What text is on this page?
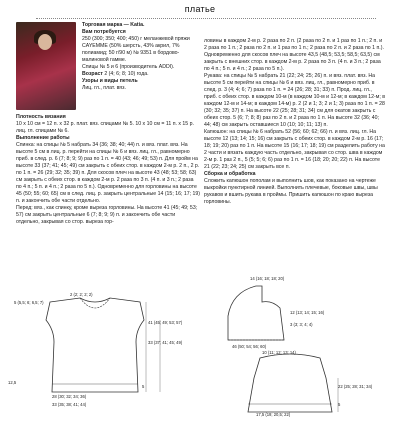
платье

Торговая марка — Katia.

Вам потребуется

250 (300; 350; 400; 450) г меланжевой пряжи CAYEMME (50% шерсть, 43% акрил, 7% полиамид; 50 г/90 м) № 9351 в бордово-малиновой гамме.

Спицы № 5 и 6 (производитель ADDI).

Возраст 2 (4; 6; 8; 10) года.

Узоры и виды петель

Лиц. гл., плат. вяз.

Плотность вязания

10 х 10 см = 12 п. х 32 р. плат. вяз. спицами № 5. 10 х 10 см = 11 п. х 15 р. лиц. гл. спицами № 6.

Выполнение работы

Спинка: на спицы № 5 набрать 34 (36; 38; 40; 44) п. и вяз. плат. вяз. На высоте 5 см в лиц. р. перейти на спицы № 6 и вяз. лиц. гл., равномерно приб. в след. р. 6 (7; 8; 9; 9) раз по 1 п. = 40 (43; 46; 49; 53) п. Для пройм на высоте 33 (37; 41; 45; 49) см закрыть с обеих стор. в каждом 2-м р. 2 п., 2 р. по 1 п. = 26 (29; 32; 35; 39) п. Для скосов плеч на высоте 43 (48; 53; 58; 63) см закрыть с обеих стор. в каждом 2-м р. 2 раза по 3 п. (4 п. и 3 п.; 2 раза по 4 п.; 5 п. и 4 п.; 2 раза по 5 п.). Одновременно для горловины на высоте 45 (50; 55; 60; 65) см в след. лиц. р. закрыть центральные 14 (15; 16; 17; 19) п. и закончить обе части отдельно.

Перед: вяз., как спинку, кроме выреза горловины. На высоте 41 (45; 49; 53; 57) см закрыть центральные 6 (7; 8; 9; 9) п. и закончить обе части отдельно, закрывая со стор. выреза гор-

ловины в каждом 2-м р. 2 раза по 2 п. (2 раза по 2 п. и 1 раз по 1 п.; 2 п. и 2 раза по 1 п.; 2 раза по 2 п. и 1 раз по 1 п.; 2 раза по 2 п. и 2 раза по 1 п.). Одновременно для скосов плеч на высоте 43,5 (48,5; 53,5; 58,5; 63,5) см закрыть с внешних стор. в каждом 2-м р. 2 раза по 3 п. (4 п. и 3 п.; 2 раза по 4 п.; 5 п. и 4 п.; 2 раза по 5 п.).

Рукава: на спицы № 5 набрать 21 (22; 24; 25; 26) п. и вяз. плат. вяз. На высоте 5 см перейти на спицы № 6 и вяз. лиц. гл., равномерно приб. в след. р. 3 (4; 4; 6; 7) раза по 1 п. = 24 (26; 28; 31; 33) п. Прод. лиц. гл., приб. с обеих стор. в каждом 10-м (в каждом 10-м и 12-м; в каждом 12-м; в каждом 12-м и 14-м; в каждом 14-м) р. 2 (2 и 1; 3; 2 и 1; 3) раза по 1 п. = 28 (30; 32; 35; 37) п. На высоте 22 (25; 28; 31; 34) см для окатов закрыть с обеих стор. 5 (6; 7; 8; 8) раз по 2 п. и 2 раза по 1 п. На высоте 32 (36; 40; 44; 48) см закрыть оставшиеся 10 (10; 10; 11; 13) п.

Капюшон: на спицы № 6 набрать 52 (56; 60; 62; 66) п. и вяз. лиц. гл. На высоте 12 (13; 14; 15; 16) см закрыть с обеих стор. в каждом 2-м р. 16 (17; 18; 19; 20) раз по 1 п. На высоте 15 (16; 17; 18; 19) см разделить работу на 2 части и вязать каждую часть отдельно, закрывая со стор. шва в каждом 2-м р. 1 раз 2 п., 5 (5; 5; 6; 6) раз по 1 п. = 16 (18; 20; 20; 22) п. На высоте 21 (22; 23; 24; 25) см закрыть все п.

Сборка и обработка

Сложить капюшон пополам и выполнить шов, как показано на чертеже выкройки пунктирной линией. Выполнить плечевые, боковые швы, швы рукавов и вшить рукава в проймы. Пришить капюшон по краю выреза горловины.

2 (2; 2; 2; 2)
41 (45; 49; 53; 57)
33 (37; 41; 45; 49)
5
28 (30; 32; 34; 36)
33 (35; 38; 41; 44)
12,5
5 (5,5; 6; 6,5; 7)
14 (16; 18; 18; 20)
12 (13; 14; 15; 16)
3 (3; 3; 4; 4)
46 (50; 54; 56; 60)
10 (11; 12; 13; 14)
22 (25; 28; 31; 34)
5
17,5 (19; 20,5; 22)
